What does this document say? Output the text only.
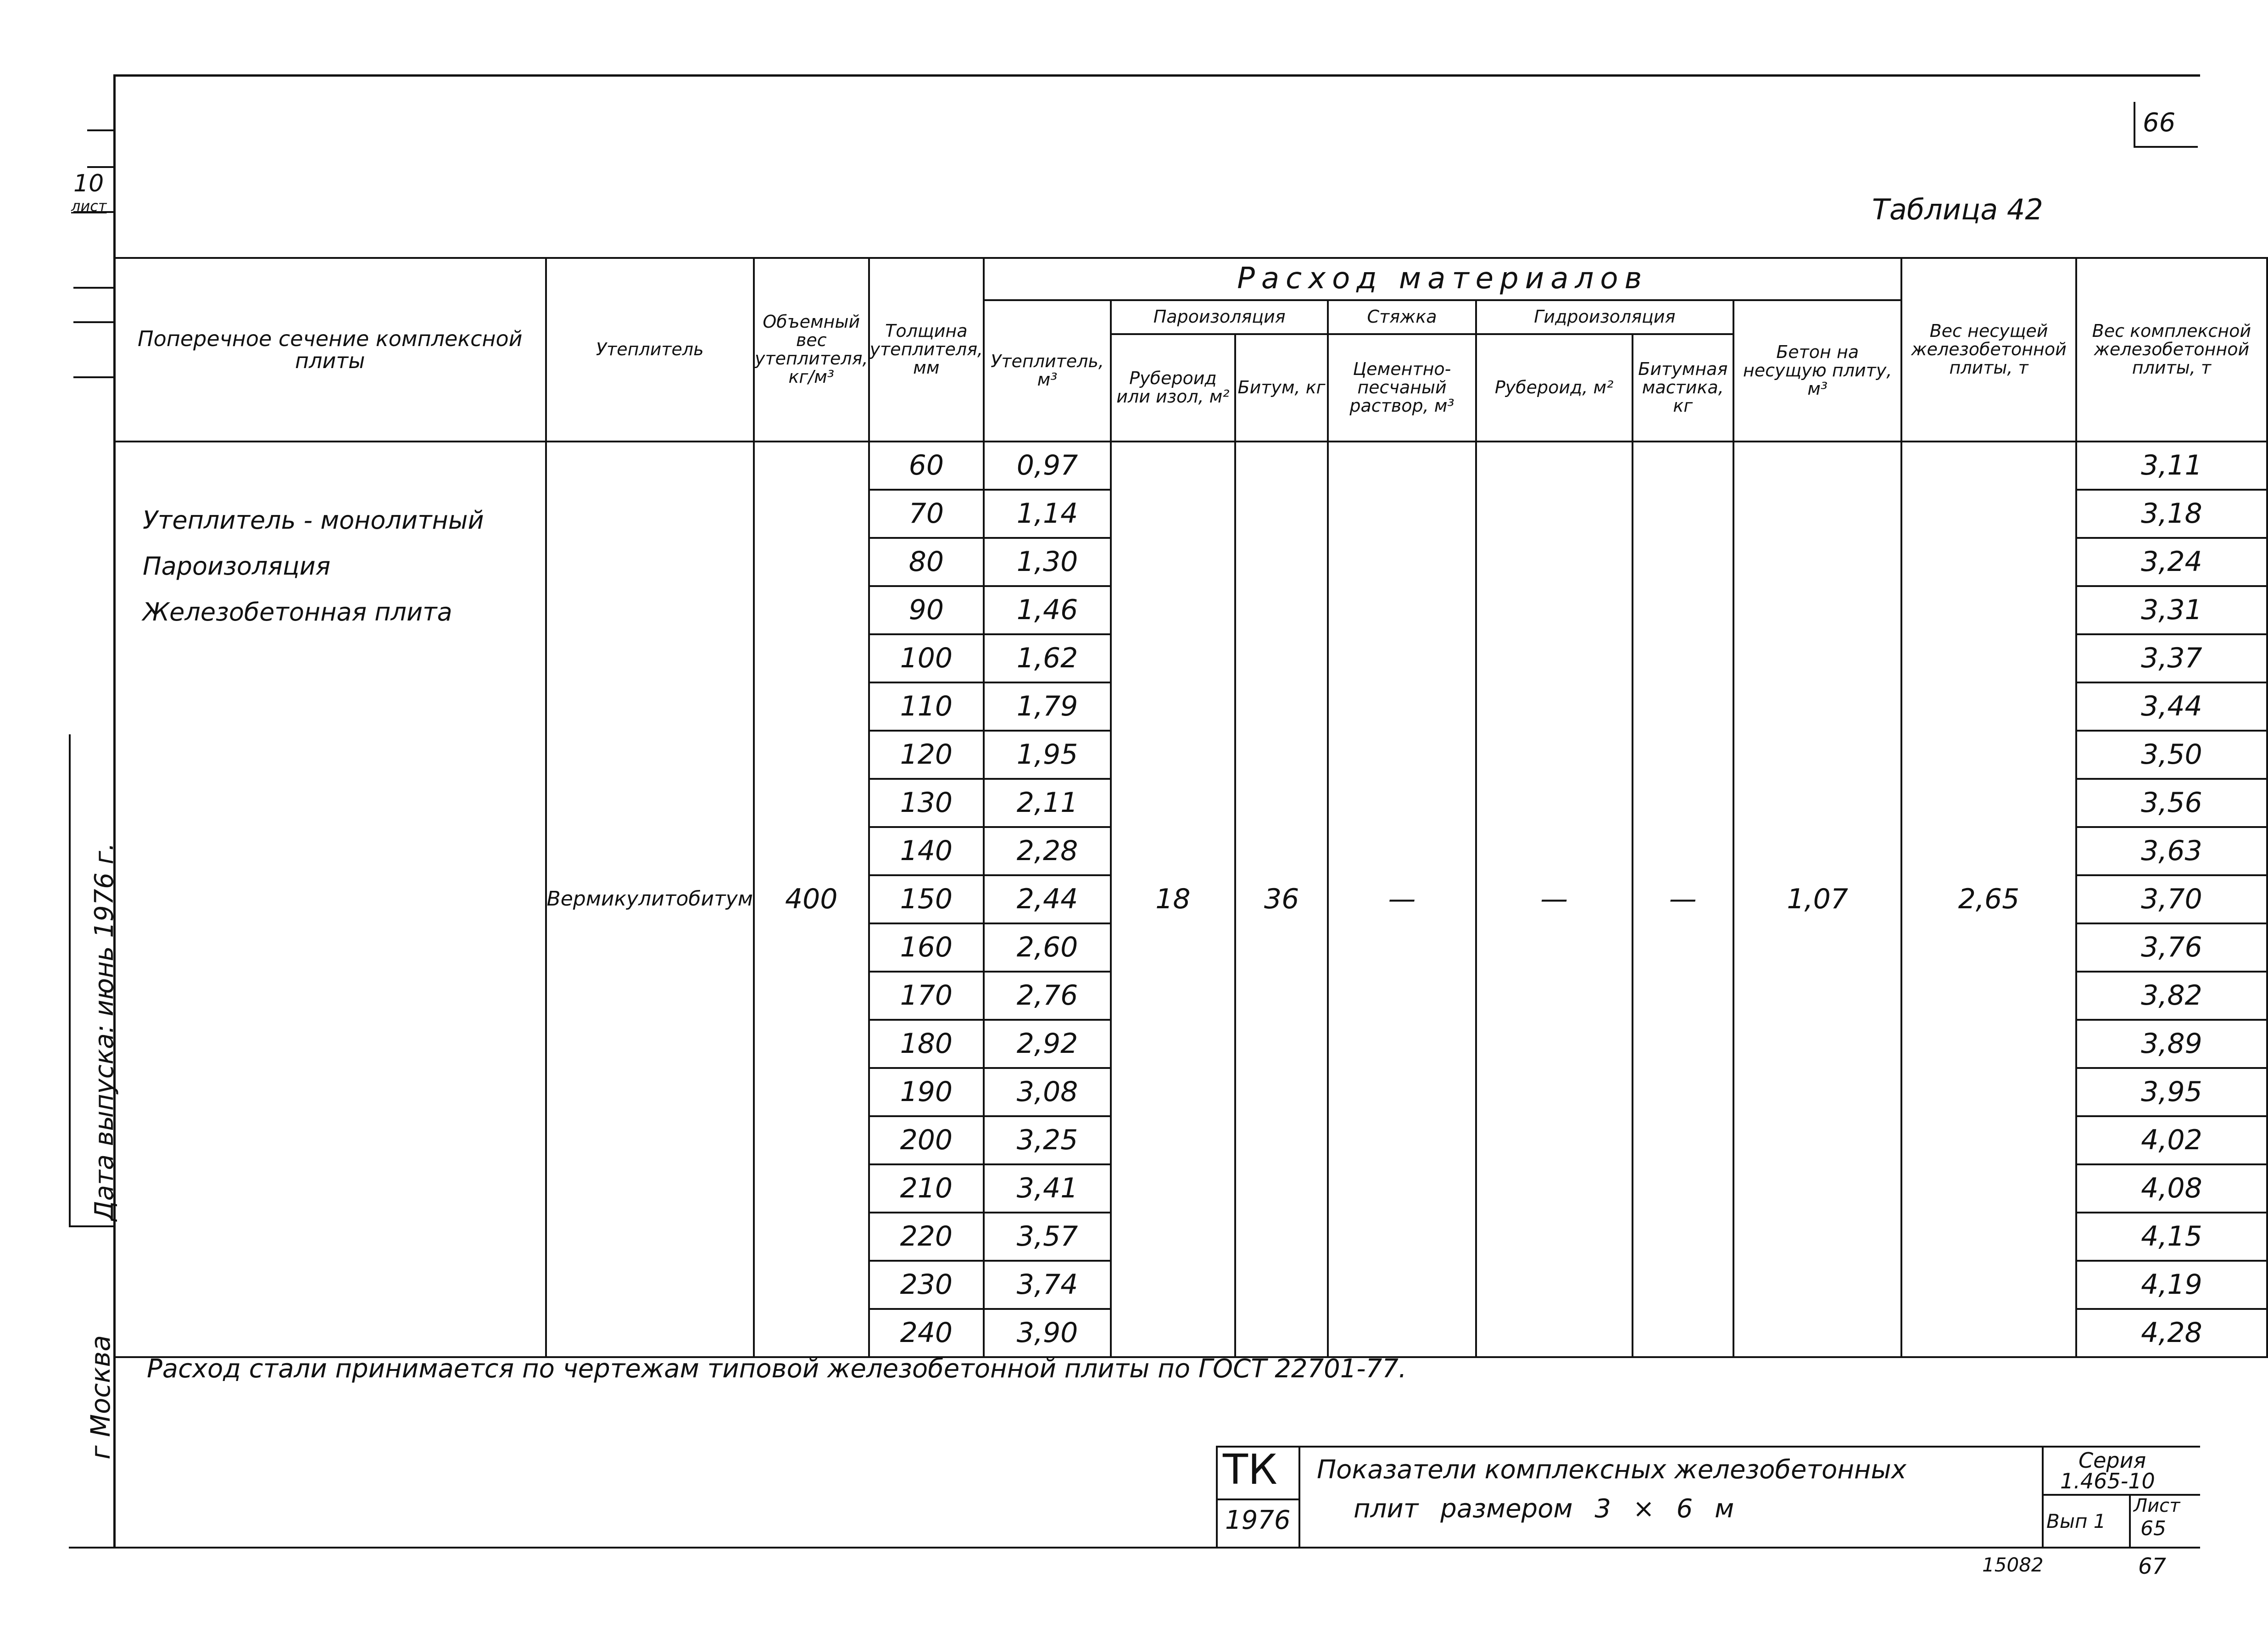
10
лист
Дата выпуска: июнь 1976 г.
г Москва
66
Таблица 42
Поперечное сечение комплексной плиты	Утеплитель	Объемный вес утеплителя, кг/м³	Толщина утеплителя, мм	Расход материалов							Вес несущей железобетонной плиты, т	Вес комплексной железобетонной плиты, т
				Утеплитель, м³	Пароизоляция		Стяжка	Гидроизоляция		Бетон на несущую плиту, м³		
					Рубероид или изол, м²	Битум, кг	Цементно-песчаный раствор, м³	Рубероид, м²	Битумная мастика, кг			

Утеплитель - монолитный
Пароизоляция
Железобетонная плита	Вермикулитобитум	400	60	0,97	18	36	—	—	—	1,07	2,65	3,11
			70	1,14								3,18
			80	1,30								3,24
			90	1,46								3,31
			100	1,62								3,37
			110	1,79								3,44
			120	1,95								3,50
			130	2,11								3,56
			140	2,28								3,63
			150	2,44								3,70
			160	2,60								3,76
			170	2,76								3,82
			180	2,92								3,89
			190	3,08								3,95
			200	3,25								4,02
			210	3,41								4,08
			220	3,57								4,15
			230	3,74								4,19
			240	3,90								4,28
Расход стали принимается по чертежам типовой железобетонной плиты по ГОСТ 22701-77.
ТК
1976
Показатели комплексных железобетонных
плит размером 3 × 6 м
Серия
1.465-10
Вып 1
Лист
65
15082	67
